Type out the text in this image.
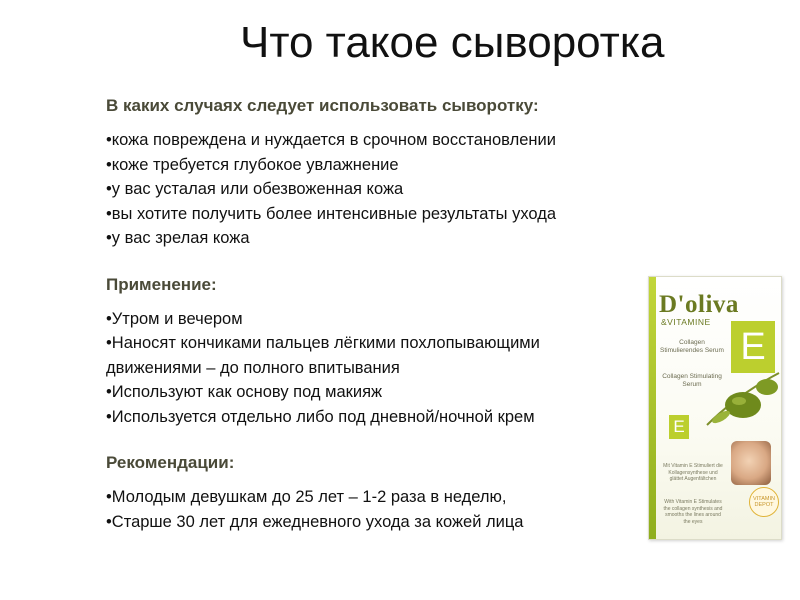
Что такое сыворотка

В каких случаях следует использовать сыворотку:

•кожа повреждена и нуждается в срочном восстановлении
•коже требуется глубокое увлажнение
•у вас усталая или обезвоженная кожа
•вы хотите получить более интенсивные результаты ухода
•у вас зрелая кожа

Применение:

•Утром и вечером
•Наносят кончиками пальцев лёгкими похлопывающими
движениями – до полного впитывания
•Используют как основу под макияж
•Используется отдельно либо под дневной/ночной крем

Рекомендации:

•Молодым девушкам до 25 лет – 1-2 раза в неделю,
•Старше 30 лет для ежедневного ухода за кожей лица
D'oliva
&VITAMINE
Collagen Stimulierendes Serum
Collagen Stimulating Serum
E
E
Mit Vitamin E Stimuliert die Kollagensynthese und glättet Augenfältchen
With Vitamin E Stimulates the collagen synthesis and smooths the lines around the eyes
VITAMIN DEPOT
